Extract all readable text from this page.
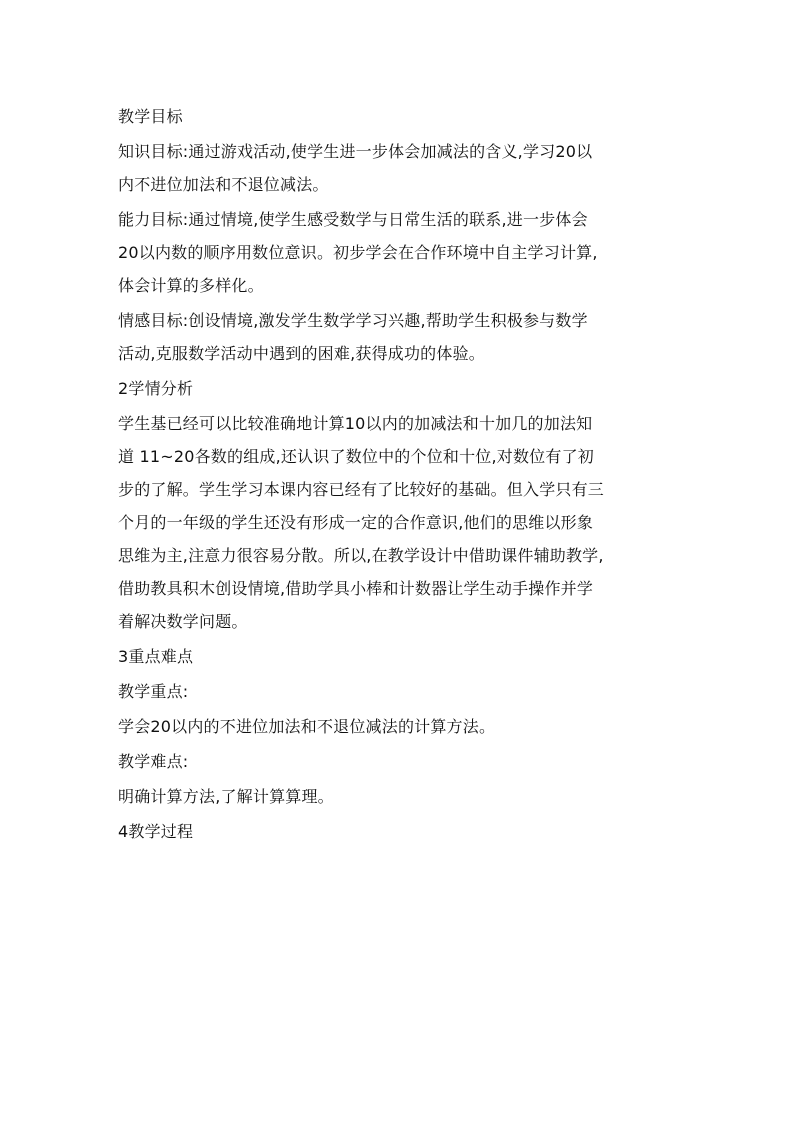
教学目标
知识目标:通过游戏活动,使学生进一步体会加减法的含义,学习20以
内不进位加法和不退位减法。
能力目标:通过情境,使学生感受数学与日常生活的联系,进一步体会
20以内数的顺序用数位意识。初步学会在合作环境中自主学习计算,
体会计算的多样化。
情感目标:创设情境,激发学生数学学习兴趣,帮助学生积极参与数学
活动,克服数学活动中遇到的困难,获得成功的体验。
2学情分析
学生基已经可以比较准确地计算10以内的加减法和十加几的加法知
道 11~20各数的组成,还认识了数位中的个位和十位,对数位有了初
步的了解。学生学习本课内容已经有了比较好的基础。但入学只有三
个月的一年级的学生还没有形成一定的合作意识,他们的思维以形象
思维为主,注意力很容易分散。所以,在教学设计中借助课件辅助教学,
借助教具积木创设情境,借助学具小棒和计数器让学生动手操作并学
着解决数学问题。
3重点难点
教学重点:
学会20以内的不进位加法和不退位减法的计算方法。
教学难点:
明确计算方法,了解计算算理。
4教学过程
